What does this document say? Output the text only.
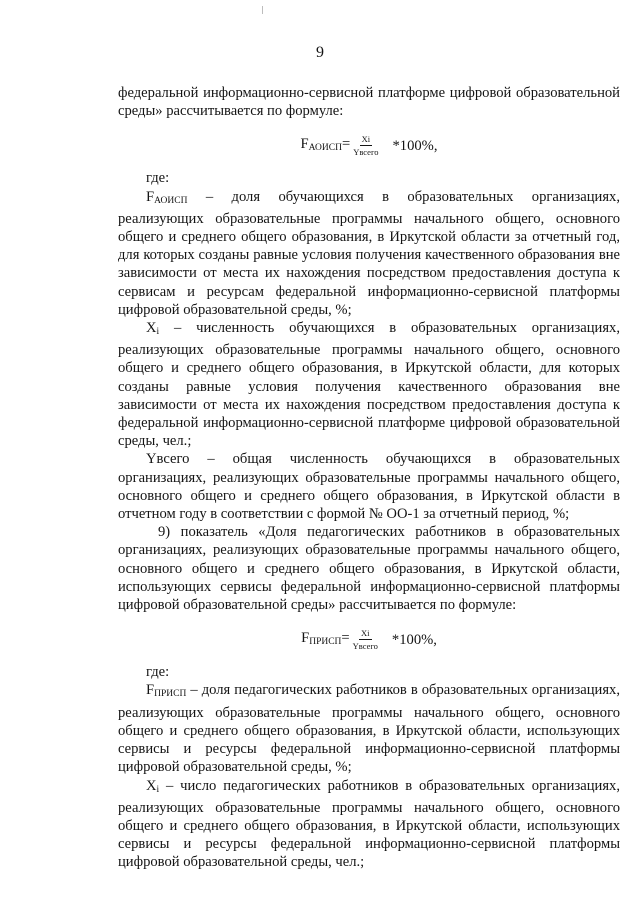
9

федеральной информационно-сервисной платформе цифровой образовательной среды» рассчитывается по формуле:

FАОИСП= $\frac{Xi}{\text{Yвсего}} *100\%$,

где:

FАОИСП – доля обучающихся в образовательных организациях, реализующих образовательные программы начального общего, основного общего и среднего общего образования, в Иркутской области за отчетный год, для которых созданы равные условия получения качественного образования вне зависимости от места их нахождения посредством предоставления доступа к сервисам и ресурсам федеральной информационно-сервисной платформы цифровой образовательной среды, %;

Xi – численность обучающихся в образовательных организациях, реализующих образовательные программы начального общего, основного общего и среднего общего образования, в Иркутской области, для которых созданы равные условия получения качественного образования вне зависимости от места их нахождения посредством предоставления доступа к федеральной информационно-сервисной платформе цифровой образовательной среды, чел.;

Yвсего – общая численность обучающихся в образовательных организациях, реализующих образовательные программы начального общего, основного общего и среднего общего образования, в Иркутской области в отчетном году в соответствии с формой № ОО-1 за отчетный период, %;

9) показатель «Доля педагогических работников в образовательных организациях, реализующих образовательные программы начального общего, основного общего и среднего общего образования, в Иркутской области, использующих сервисы федеральной информационно-сервисной платформы цифровой образовательной среды» рассчитывается по формуле:

FПРИСП= $\frac{Xi}{\text{Yвсего}} *100\%$,

где:

FПРИСП – доля педагогических работников в образовательных организациях, реализующих образовательные программы начального общего, основного общего и среднего общего образования, в Иркутской области, использующих сервисы и ресурсы федеральной информационно-сервисной платформы цифровой образовательной среды, %;

Xi – число педагогических работников в образовательных организациях, реализующих образовательные программы начального общего, основного общего и среднего общего образования, в Иркутской области, использующих сервисы и ресурсы федеральной информационно-сервисной платформы цифровой образовательной среды, чел.;
